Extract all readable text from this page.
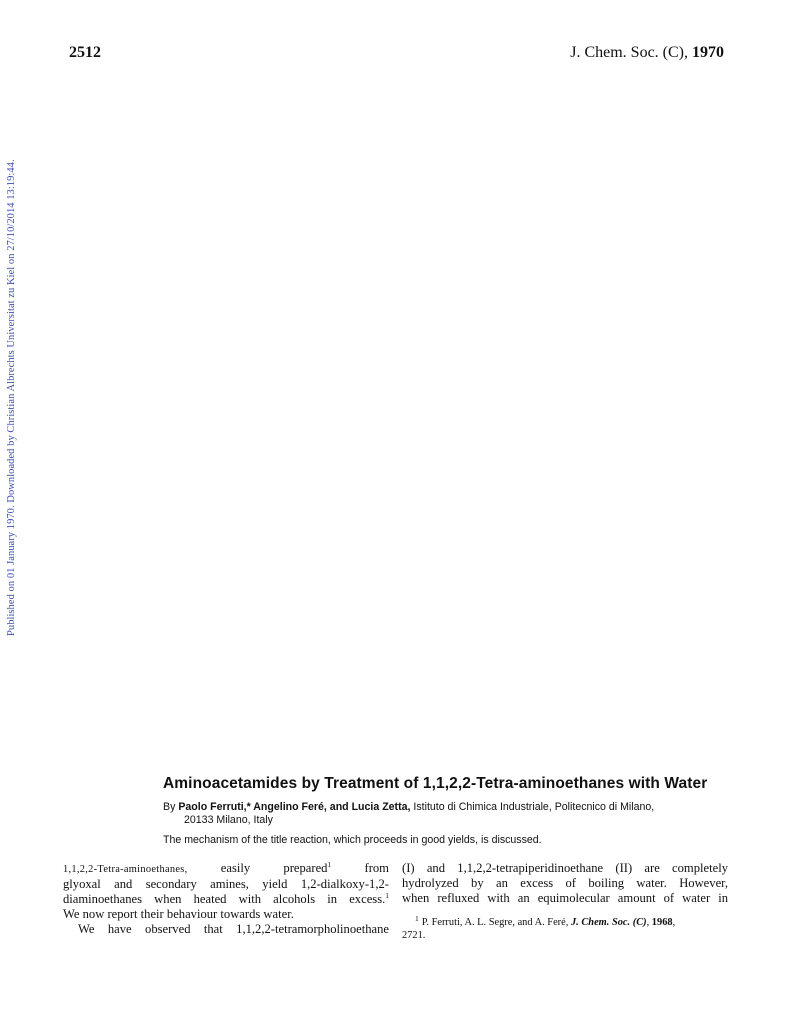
2512	J. Chem. Soc. (C), 1970
Published on 01 January 1970. Downloaded by Christian Albrechts Universitat zu Kiel on 27/10/2014 13:19:44.
Aminoacetamides by Treatment of 1,1,2,2-Tetra-aminoethanes with Water
By Paolo Ferruti,* Angelino Feré, and Lucia Zetta, Istituto di Chimica Industriale, Politecnico di Milano,
20133 Milano, Italy
The mechanism of the title reaction, which proceeds in good yields, is discussed.
1,1,2,2-Tetra-aminoethanes, easily prepared$^1$ from
glyoxal and secondary amines, yield 1,2-dialkoxy-1,2-
diaminoethanes when heated with alcohols in excess.$^1$
We now report their behaviour towards water.
We have observed that 1,1,2,2-tetramorpholinoethane
(I) and 1,1,2,2-tetrapiperidinoethane (II) are completely
hydrolyzed by an excess of boiling water. However,
when refluxed with an equimolecular amount of water in
$^1$ P. Ferruti, A. L. Segre, and A. Feré, J. Chem. Soc. (C), 1968,
2721.
